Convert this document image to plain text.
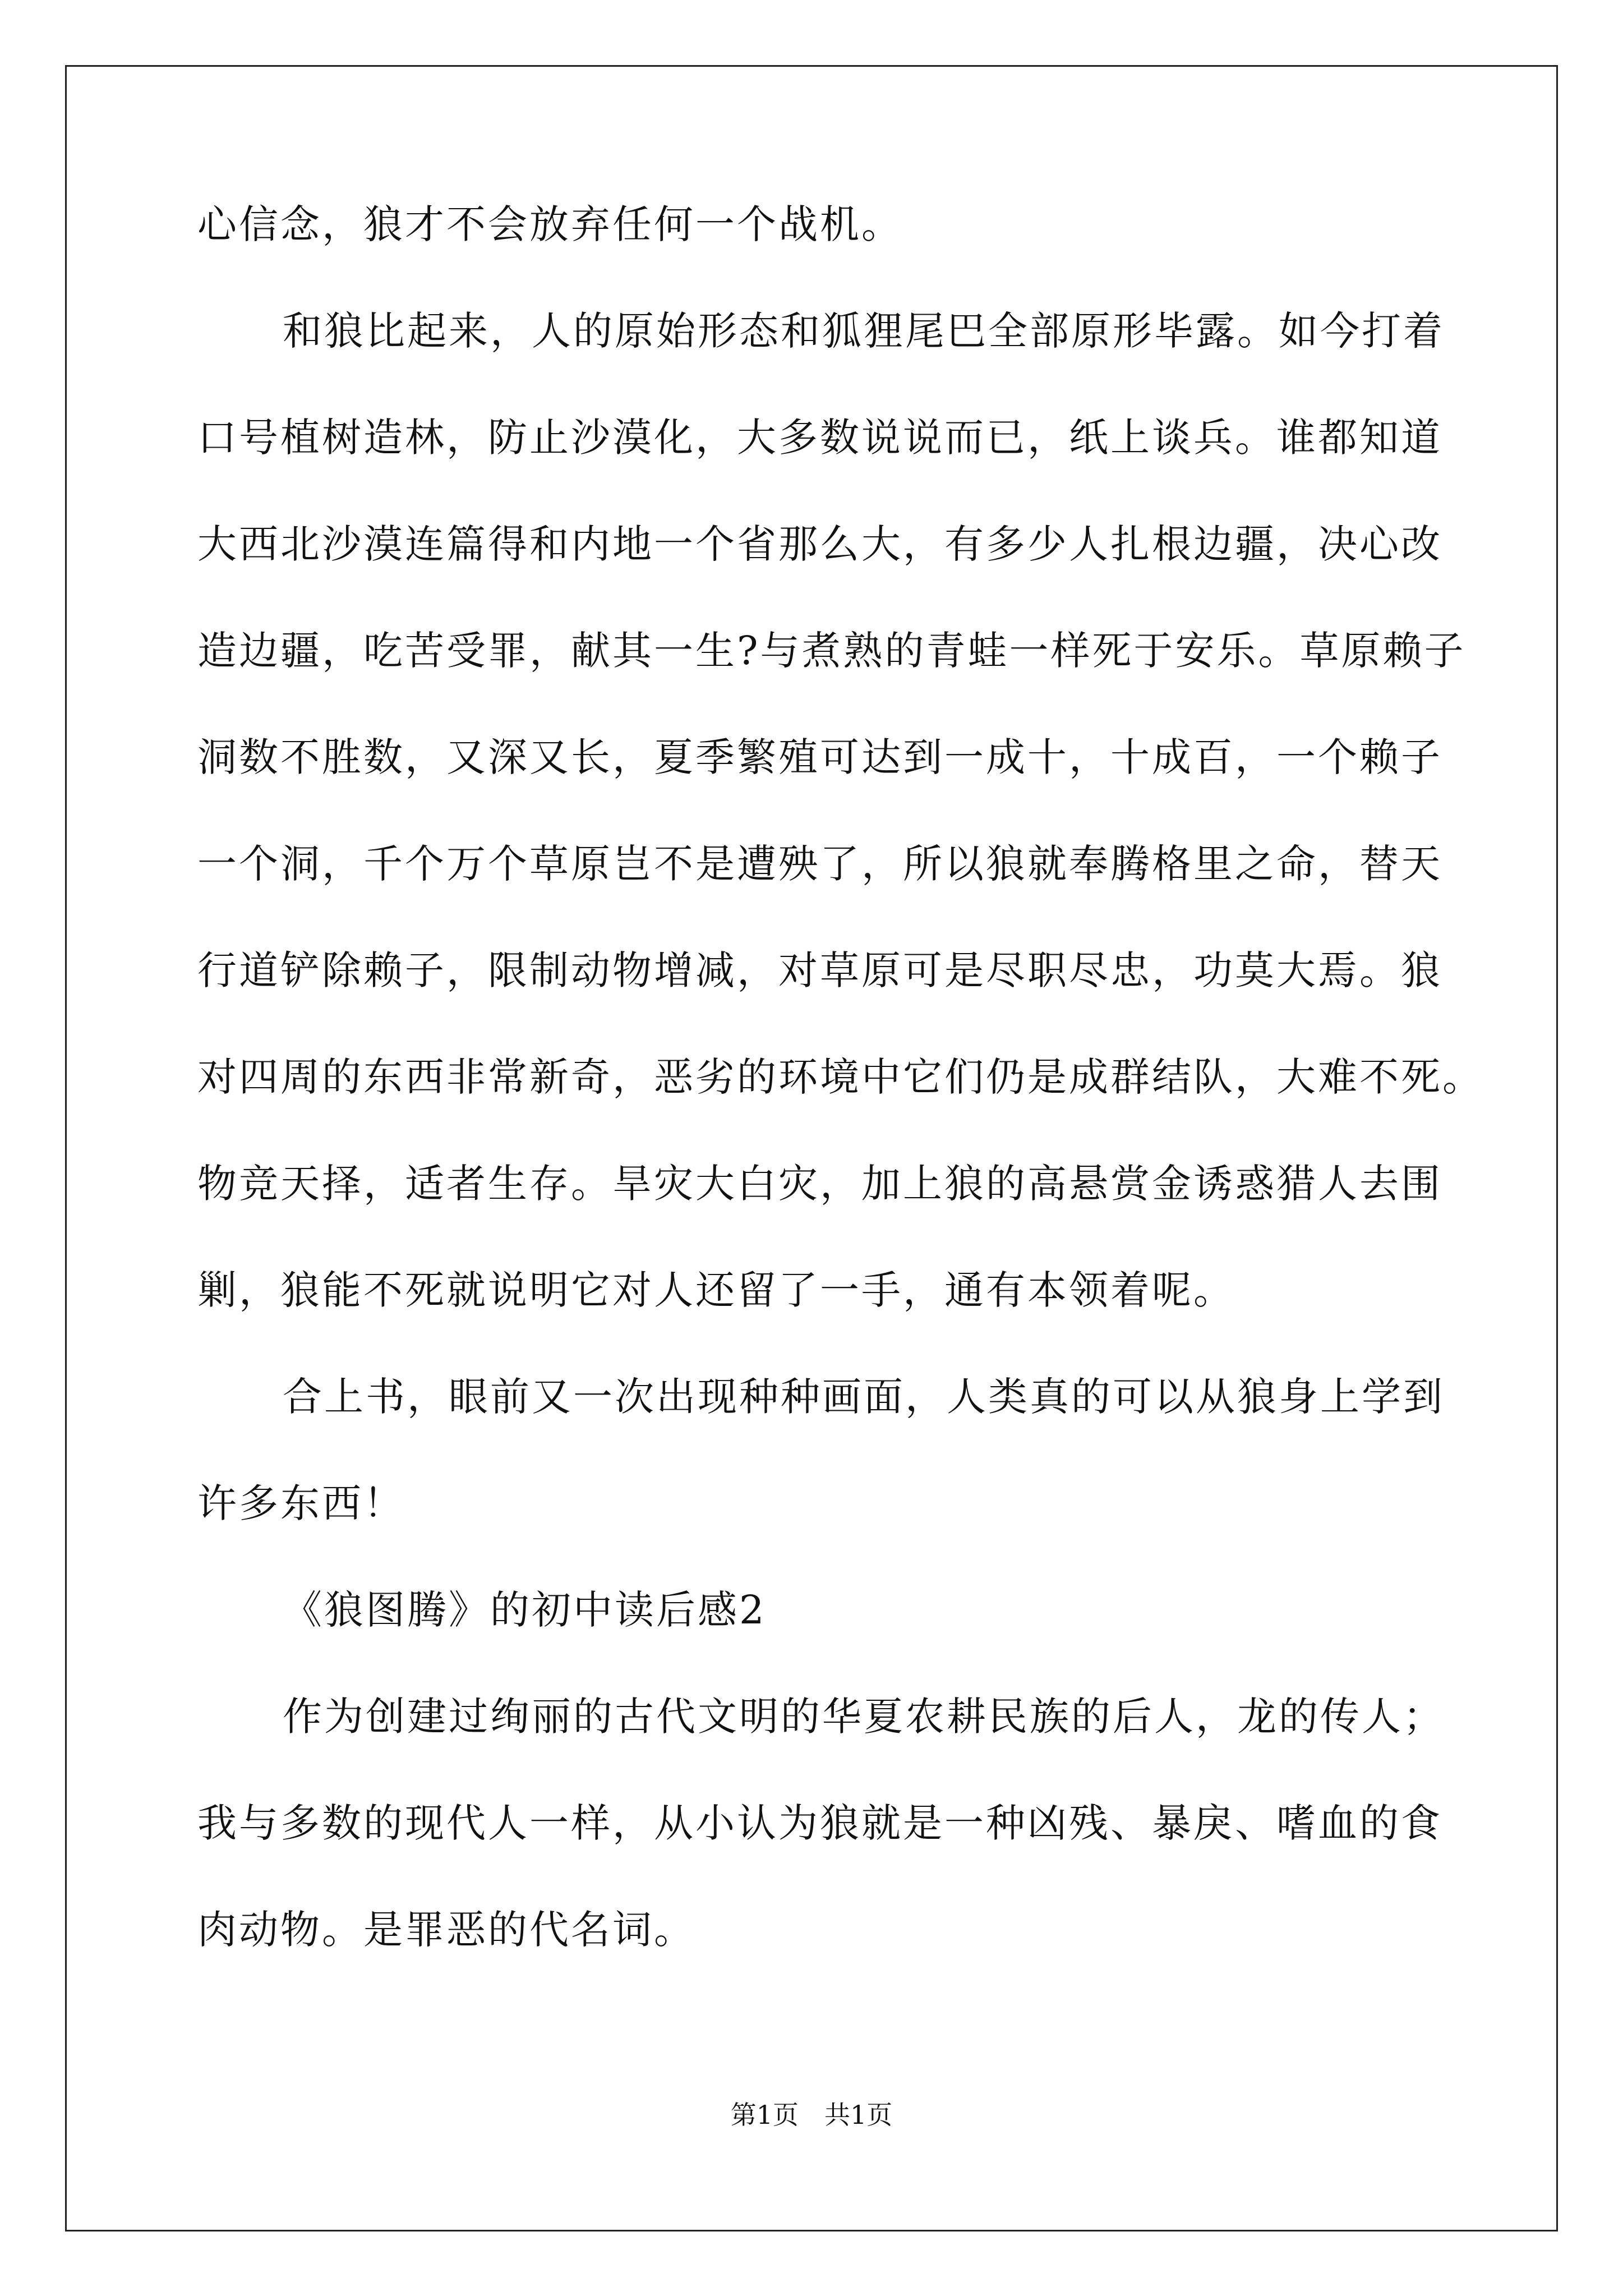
心信念，狼才不会放弃任何一个战机。
和狼比起来，人的原始形态和狐狸尾巴全部原形毕露。如今打着
口号植树造林，防止沙漠化，大多数说说而已，纸上谈兵。谁都知道
大西北沙漠连篇得和内地一个省那么大，有多少人扎根边疆，决心改
造边疆，吃苦受罪，献其一生?与煮熟的青蛙一样死于安乐。草原赖子
洞数不胜数，又深又长，夏季繁殖可达到一成十，十成百，一个赖子
一个洞，千个万个草原岂不是遭殃了，所以狼就奉腾格里之命，替天
行道铲除赖子，限制动物增减，对草原可是尽职尽忠，功莫大焉。狼
对四周的东西非常新奇，恶劣的环境中它们仍是成群结队，大难不死。
物竞天择，适者生存。旱灾大白灾，加上狼的高悬赏金诱惑猎人去围
剿，狼能不死就说明它对人还留了一手，通有本领着呢。
合上书，眼前又一次出现种种画面，人类真的可以从狼身上学到
许多东西！
《狼图腾》的初中读后感2
作为创建过绚丽的古代文明的华夏农耕民族的后人，龙的传人；
我与多数的现代人一样，从小认为狼就是一种凶残、暴戾、嗜血的食
肉动物。是罪恶的代名词。
第1页　共1页
